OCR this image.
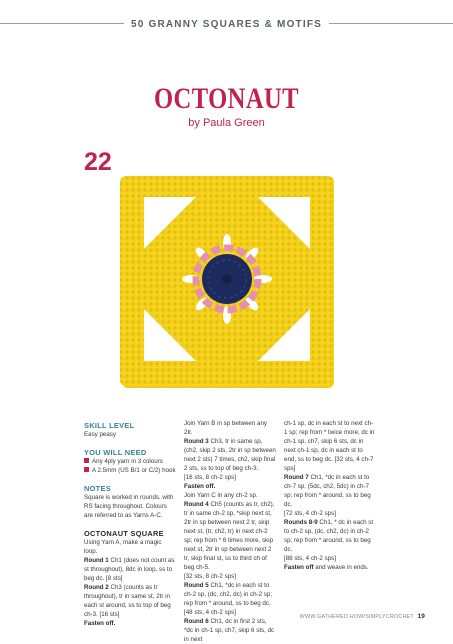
50 GRANNY SQUARES & MOTIFS
OCTONAUT
by Paula Green
22

SKILL LEVEL

Easy peasy

YOU WILL NEED

Any 4ply yarn in 3 colours

A 2.5mm (US B/1 or C/2) hook

NOTES

Square is worked in rounds, with RS facing throughout. Colours are referred to as Yarns A-C.

OCTONAUT SQUARE

Using Yarn A, make a magic loop.

Round 1 Ch1 (does not count as st throughout), 8dc in loop, ss to beg dc. [8 sts]

Round 2 Ch3 (counts as tr throughout), tr in same st, 2tr in each st around, ss to top of beg ch-3. [16 sts]

Fasten off.

Join Yarn B in sp between any 2tr.

Round 3 Ch3, tr in same sp, (ch2, skip 2 sts, 2tr in sp between next 2 sts) 7 times, ch2, skip final 2 sts, ss to top of beg ch-3.

[16 sts, 8 ch-2 sps]

Fasten off.

Join Yarn C in any ch-2 sp.

Round 4 Ch5 (counts as tr, ch2), tr in same ch-2 sp, *skip next st, 2tr in sp between next 2 tr, skip next st, (tr, ch2, tr) in next ch-2 sp; rep from * 6 times more, skip next st, 2tr in sp between next 2 tr, skip final st, ss to third ch of beg ch-5.

[32 sts, 8 ch-2 sps]

Round 5 Ch1, *dc in each st to ch-2 sp, (dc, ch2, dc) in ch-2 sp; rep from * around, ss to beg dc.

[48 sts, 4 ch-2 sps]

Round 6 Ch1, dc in first 2 sts, *dc in ch-1 sp, ch7, skip 6 sts, dc in next

ch-1 sp, dc in each st to next ch-1 sp; rep from * twice more, dc in ch-1 sp, ch7, skip 6 sts, dc in next ch-1 sp, dc in each st to end, ss to beg dc. [32 sts, 4 ch-7 sps]

Round 7 Ch1, *dc in each st to ch-7 sp, (5dc, ch2, 5dc) in ch-7 sp; rep from * around, ss to beg dc.

[72 sts, 4 ch-2 sps]

Rounds 8-9 Ch1, * dc in each st to ch-2 sp, (dc, ch2, dc) in ch-2 sp; rep from * around, ss to beg dc.

[88 sts, 4 ch-2 sps]

Fasten off and weave in ends.

WWW.GATHERED.HOW/SIMPLYCROCHET 19
